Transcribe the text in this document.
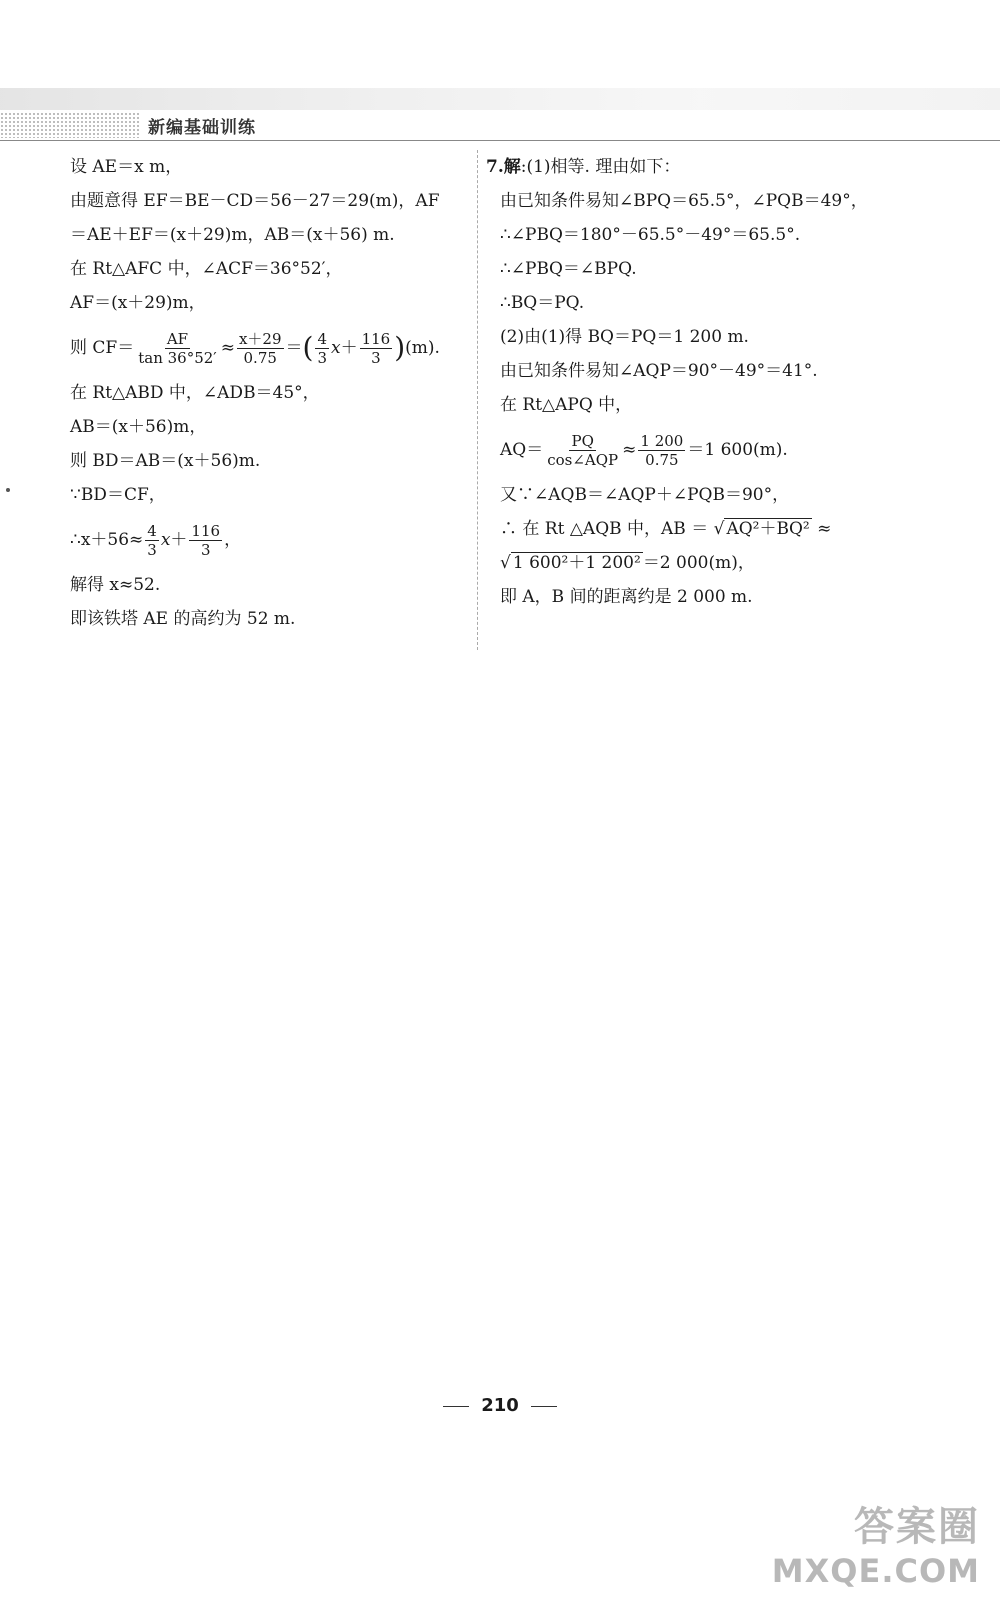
新编基础训练
设 AE＝x m，
由题意得 EF＝BE－CD＝56－27＝29(m)，AF
＝AE＋EF＝(x＋29)m，AB＝(x＋56) m.
在 Rt△AFC 中，∠ACF＝36°52′，
AF＝(x＋29)m，
则 $CF= \frac{AF}{\tan 36^\circ 52'} \approx \frac{x+29}{0.75}$ ＝ ( $\frac{4}{3} x+ \frac{116}{3}$ ) (m).
在 Rt△ABD 中，∠ADB＝45°，
AB＝(x＋56)m，
则 BD＝AB＝(x＋56)m.
∵BD＝CF，
∴x＋56≈ $\frac{4}{3} x+ \frac{116}{3}$ ，
解得 x≈52.
即该铁塔 AE 的高约为 52 m.
7.解:(1)相等. 理由如下：
由已知条件易知∠BPQ＝65.5°，∠PQB＝49°，
∴∠PBQ＝180°－65.5°－49°＝65.5°.
∴∠PBQ＝∠BPQ.
∴BQ＝PQ.
(2)由(1)得 BQ＝PQ＝1 200 m.
由已知条件易知∠AQP＝90°－49°＝41°.
在 Rt△APQ 中，
$AQ= \frac{PQ}{\text{cos∠AQP}} \approx \frac{1 200}{0.75} =1$ 600(m).
又∵∠AQB＝∠AQP＋∠PQB＝90°，
∴ 在 Rt △AQB 中，AB ＝ √ AQ²＋BQ² ≈
√ 1 600²＋1 200² ＝2 000(m)，
即 A，B 间的距离约是 2 000 m.
210
答案圈
MXQE.COM
